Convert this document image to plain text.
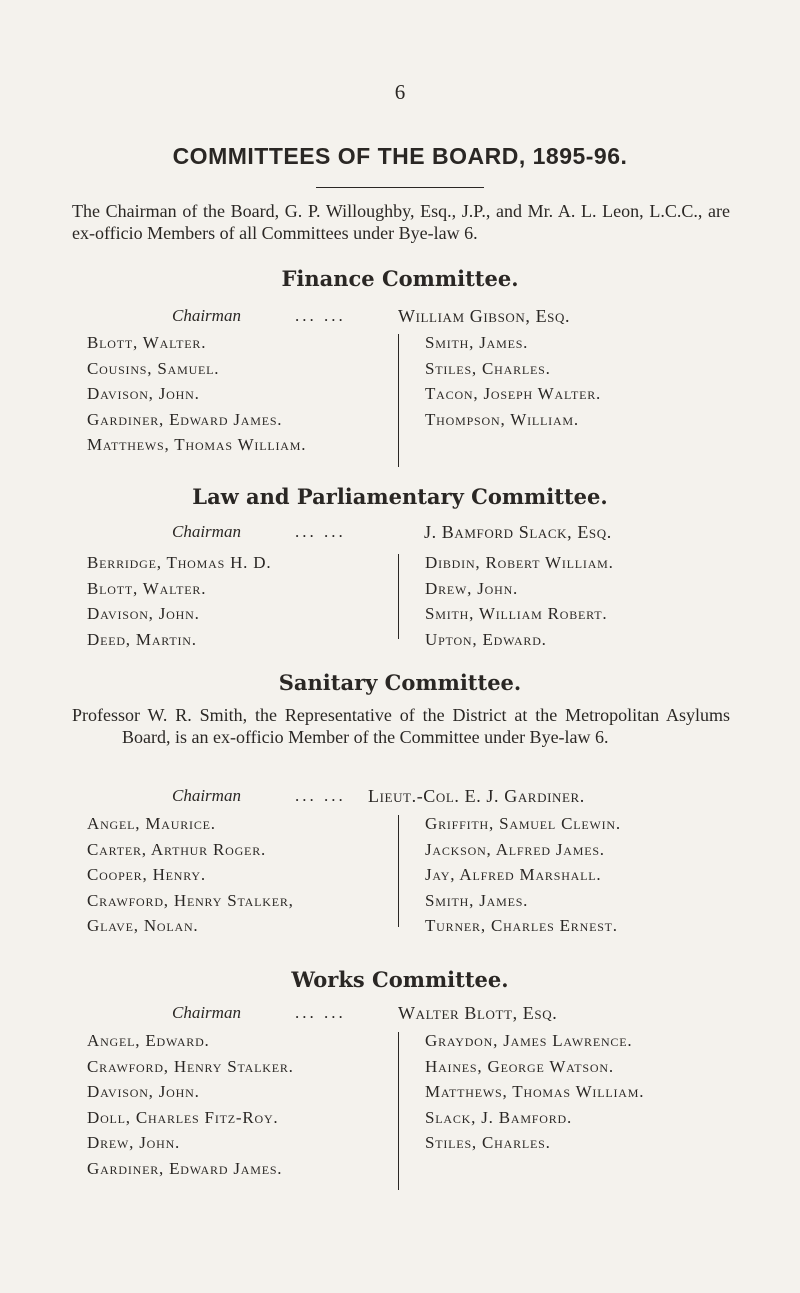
6
COMMITTEES OF THE BOARD, 1895-96.
The Chairman of the Board, G. P. Willoughby, Esq., J.P., and Mr. A. L. Leon, L.C.C., are ex-officio Members of all Committees under Bye-law 6.
Finance Committee.
Chairman	... ...	William Gibson, Esq.
Blott, Walter.
Cousins, Samuel.
Davison, John.
Gardiner, Edward James.
Matthews, Thomas William.
Smith, James.
Stiles, Charles.
Tacon, Joseph Walter.
Thompson, William.
Law and Parliamentary Committee.
Chairman	... ...	J. Bamford Slack, Esq.
Berridge, Thomas H. D.
Blott, Walter.
Davison, John.
Deed, Martin.
Dibdin, Robert William.
Drew, John.
Smith, William Robert.
Upton, Edward.
Sanitary Committee.
Professor W. R. Smith, the Representative of the District at the Metropolitan Asylums Board, is an ex-officio Member of the Committee under Bye-law 6.
Chairman	... ... Lieut.-Col. E. J. Gardiner.
Angel, Maurice.
Carter, Arthur Roger.
Cooper, Henry.
Crawford, Henry Stalker,
Glave, Nolan.
Griffith, Samuel Clewin.
Jackson, Alfred James.
Jay, Alfred Marshall.
Smith, James.
Turner, Charles Ernest.
Works Committee.
Chairman	... ...	Walter Blott, Esq.
Angel, Edward.
Crawford, Henry Stalker.
Davison, John.
Doll, Charles Fitz-Roy.
Drew, John.
Gardiner, Edward James.
Graydon, James Lawrence.
Haines, George Watson.
Matthews, Thomas William.
Slack, J. Bamford.
Stiles, Charles.
